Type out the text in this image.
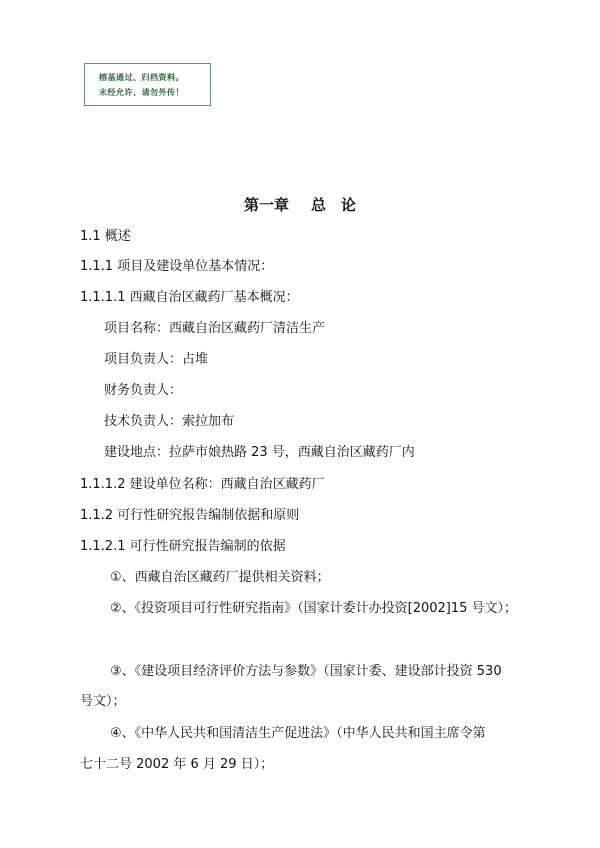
榕基通过、归档资料。
未经允许、请勿外传！
第一章 总　论
1.1 概述
1.1.1 项目及建设单位基本情况：
1.1.1.1 西藏自治区藏药厂基本概况：
项目名称：西藏自治区藏药厂清洁生产
项目负责人：占堆
财务负责人：
技术负责人：索拉加布
建设地点：拉萨市娘热路 23 号，西藏自治区藏药厂内
1.1.1.2 建设单位名称：西藏自治区藏药厂
1.1.2 可行性研究报告编制依据和原则
1.1.2.1 可行性研究报告编制的依据
①、西藏自治区藏药厂提供相关资料；
②、《投资项目可行性研究指南》（国家计委计办投资[2002]15 号文）；
③、《建设项目经济评价方法与参数》（国家计委、建设部计投资 530
号文）；
④、《中华人民共和国清洁生产促进法》（中华人民共和国主席令第
七十二号 2002 年 6 月 29 日）；
